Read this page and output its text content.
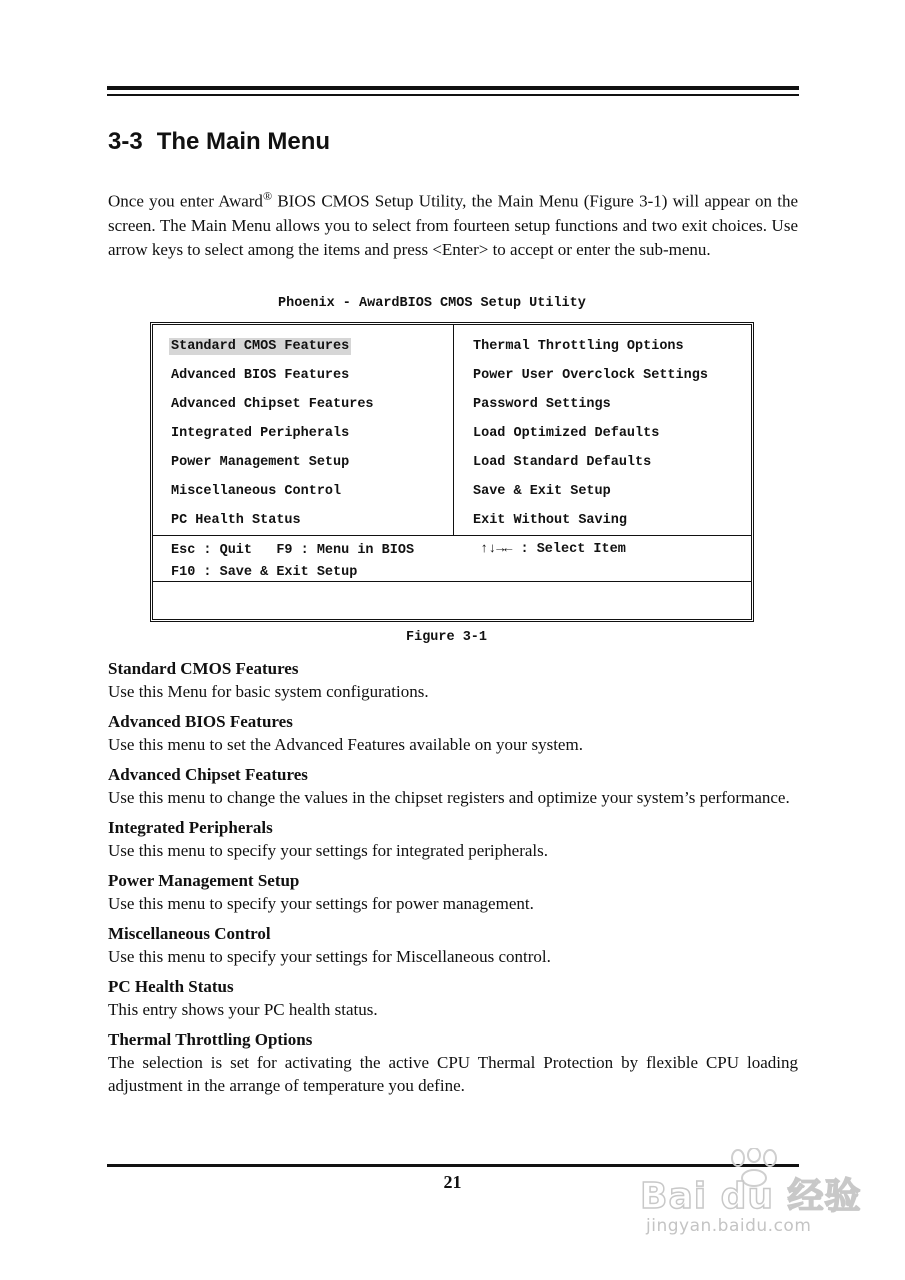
3-3 The Main Menu

Once you enter Award® BIOS CMOS Setup Utility, the Main Menu (Figure 3-1) will appear on the screen. The Main Menu allows you to select from fourteen setup functions and two exit choices. Use arrow keys to select among the items and press <Enter> to accept or enter the sub-menu.

Phoenix - AwardBIOS CMOS Setup Utility

Standard CMOS Features
Advanced BIOS Features
Advanced Chipset Features
Integrated Peripherals
Power Management Setup
Miscellaneous Control
PC Health Status

Thermal Throttling Options
Power User Overclock Settings
Password Settings
Load Optimized Defaults
Load Standard Defaults
Save & Exit Setup
Exit Without Saving

Esc : Quit   F9 : Menu in BIOS

	↑↓→← : Select Item

F10 : Save & Exit Setup

Figure 3-1
Standard CMOS Features

Use this Menu for basic system configurations.

Advanced BIOS Features

Use this menu to set the Advanced Features available on your system.

Advanced Chipset Features

Use this menu to change the values in the chipset registers and optimize your system’s performance.

Integrated Peripherals

Use this menu to specify your settings for integrated peripherals.

Power Management Setup

Use this menu to specify your settings for power management.

Miscellaneous Control

Use this menu to specify your settings for Miscellaneous control.

PC Health Status

This entry shows your PC health status.

Thermal Throttling Options

The selection is set for activating the active CPU Thermal Protection by flexible CPU loading adjustment in the arrange of temperature you define.

21	Bai du 经验
jingyan.baidu.com
